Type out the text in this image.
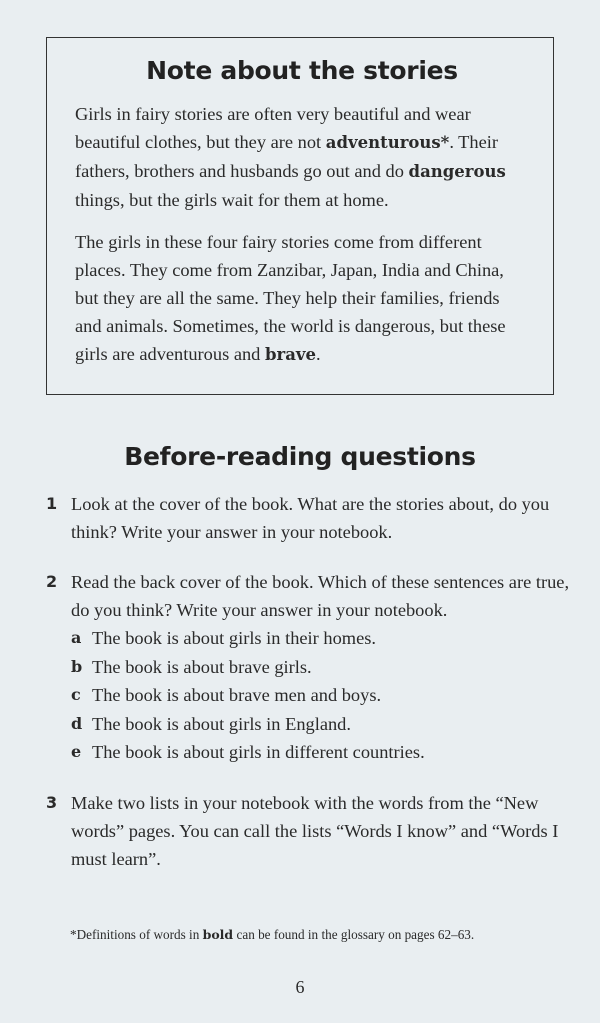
Note about the stories

Girls in fairy stories are often very beautiful and wear beautiful clothes, but they are not adventurous*. Their fathers, brothers and husbands go out and do dangerous things, but the girls wait for them at home.

The girls in these four fairy stories come from different places. They come from Zanzibar, Japan, India and China, but they are all the same. They help their families, friends and animals. Sometimes, the world is dangerous, but these girls are adventurous and brave.

Before-reading questions
1 Look at the cover of the book. What are the stories about, do you think? Write your answer in your notebook.

2 Read the back cover of the book. Which of these sentences are true, do you think? Write your answer in your notebook.

a The book is about girls in their homes.
b The book is about brave girls.
c The book is about brave men and boys.
d The book is about girls in England.
e The book is about girls in different countries.
3 Make two lists in your notebook with the words from the “New words” pages. You can call the lists “Words I know” and “Words I must learn”.

*Definitions of words in bold can be found in the glossary on pages 62–63.

6
